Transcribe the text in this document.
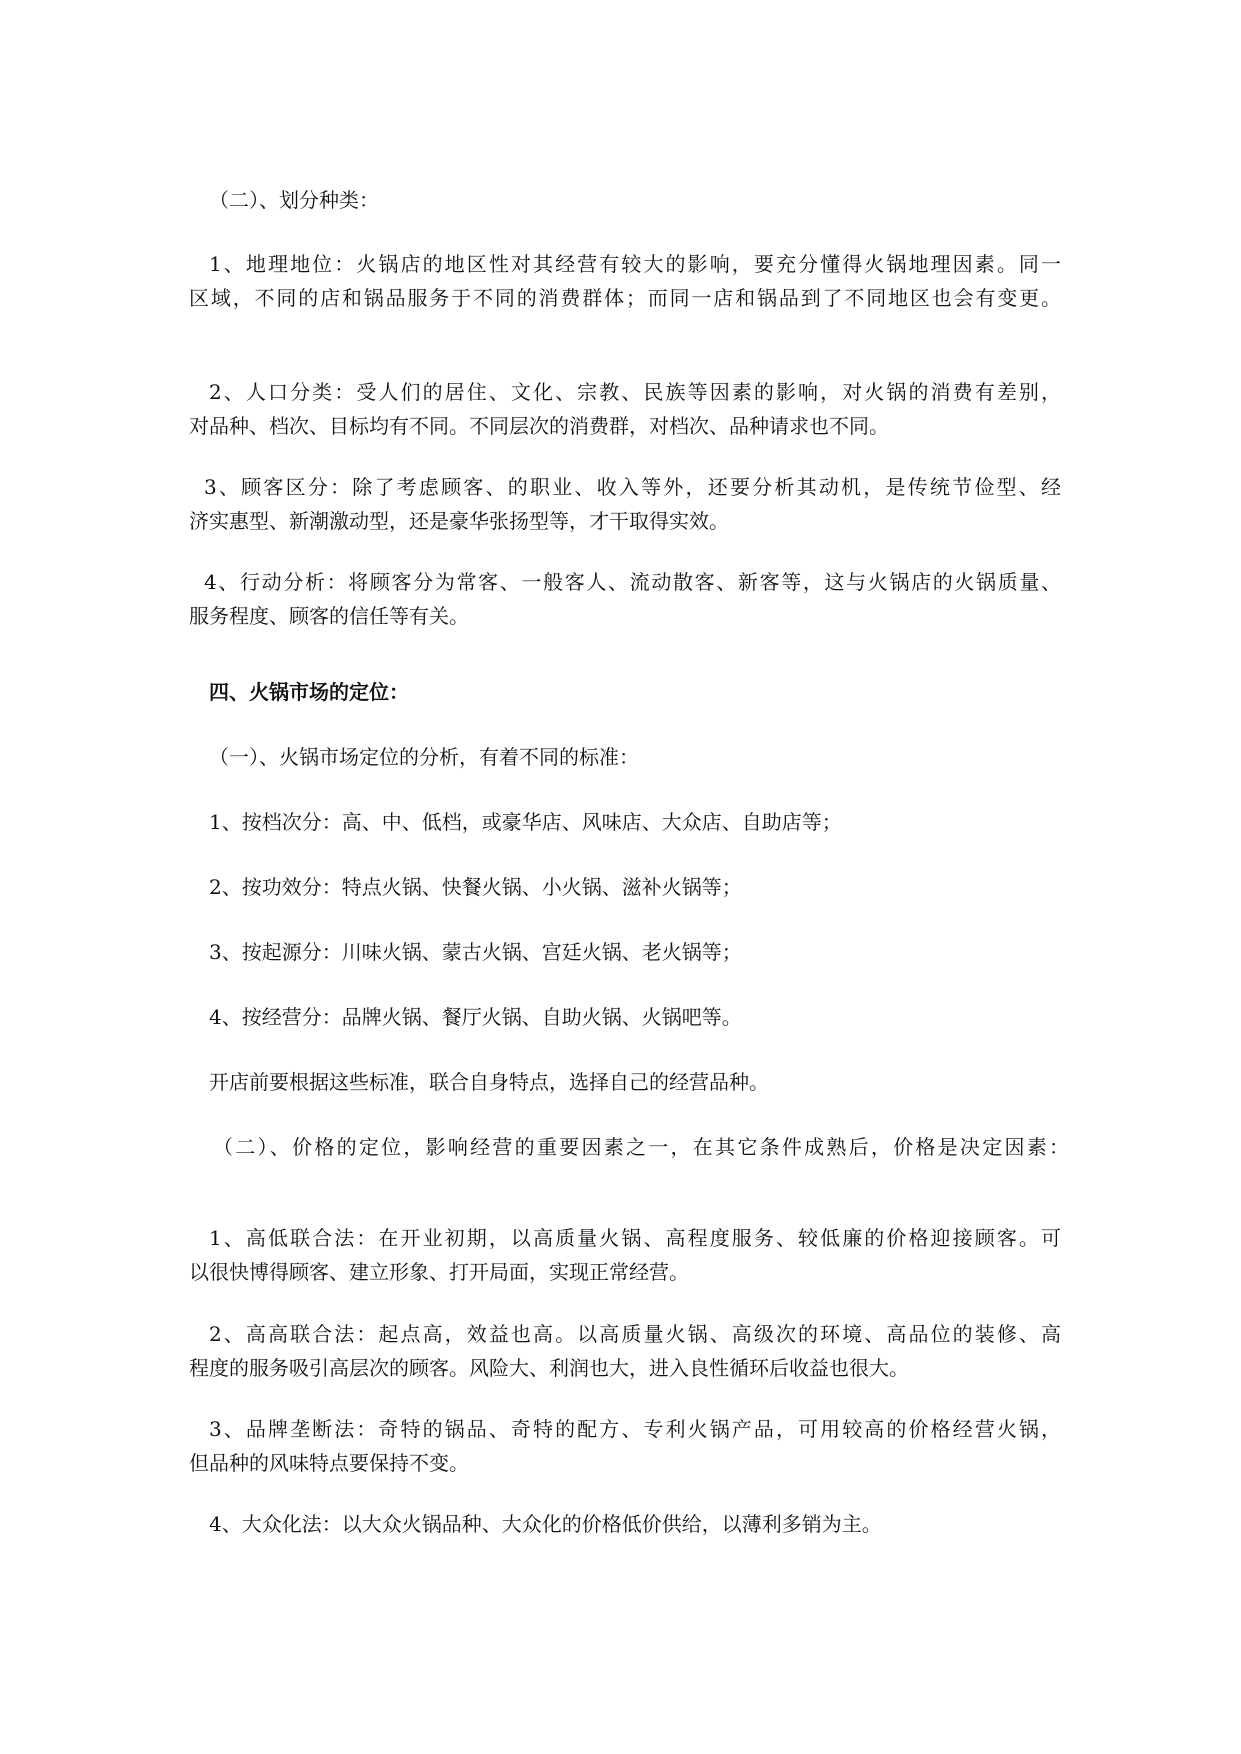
（二）、划分种类：
1、地理地位：火锅店的地区性对其经营有较大的影响，要充分懂得火锅地理因素。同一
区域，不同的店和锅品服务于不同的消费群体；而同一店和锅品到了不同地区也会有变更。
2、人口分类：受人们的居住、文化、宗教、民族等因素的影响，对火锅的消费有差别，
对品种、档次、目标均有不同。不同层次的消费群，对档次、品种请求也不同。
3、顾客区分：除了考虑顾客、的职业、收入等外，还要分析其动机，是传统节俭型、经
济实惠型、新潮激动型，还是豪华张扬型等，才干取得实效。
4、行动分析：将顾客分为常客、一般客人、流动散客、新客等，这与火锅店的火锅质量、
服务程度、顾客的信任等有关。
四、火锅市场的定位：
（一）、火锅市场定位的分析，有着不同的标准：
1、按档次分：高、中、低档，或豪华店、风味店、大众店、自助店等；
2、按功效分：特点火锅、快餐火锅、小火锅、滋补火锅等；
3、按起源分：川味火锅、蒙古火锅、宫廷火锅、老火锅等；
4、按经营分：品牌火锅、餐厅火锅、自助火锅、火锅吧等。
开店前要根据这些标准，联合自身特点，选择自己的经营品种。
（二）、价格的定位，影响经营的重要因素之一，在其它条件成熟后，价格是决定因素：
1、高低联合法：在开业初期，以高质量火锅、高程度服务、较低廉的价格迎接顾客。可
以很快博得顾客、建立形象、打开局面，实现正常经营。
2、高高联合法：起点高，效益也高。以高质量火锅、高级次的环境、高品位的装修、高
程度的服务吸引高层次的顾客。风险大、利润也大，进入良性循环后收益也很大。
3、品牌垄断法：奇特的锅品、奇特的配方、专利火锅产品，可用较高的价格经营火锅，
但品种的风味特点要保持不变。
4、大众化法：以大众火锅品种、大众化的价格低价供给，以薄利多销为主。
